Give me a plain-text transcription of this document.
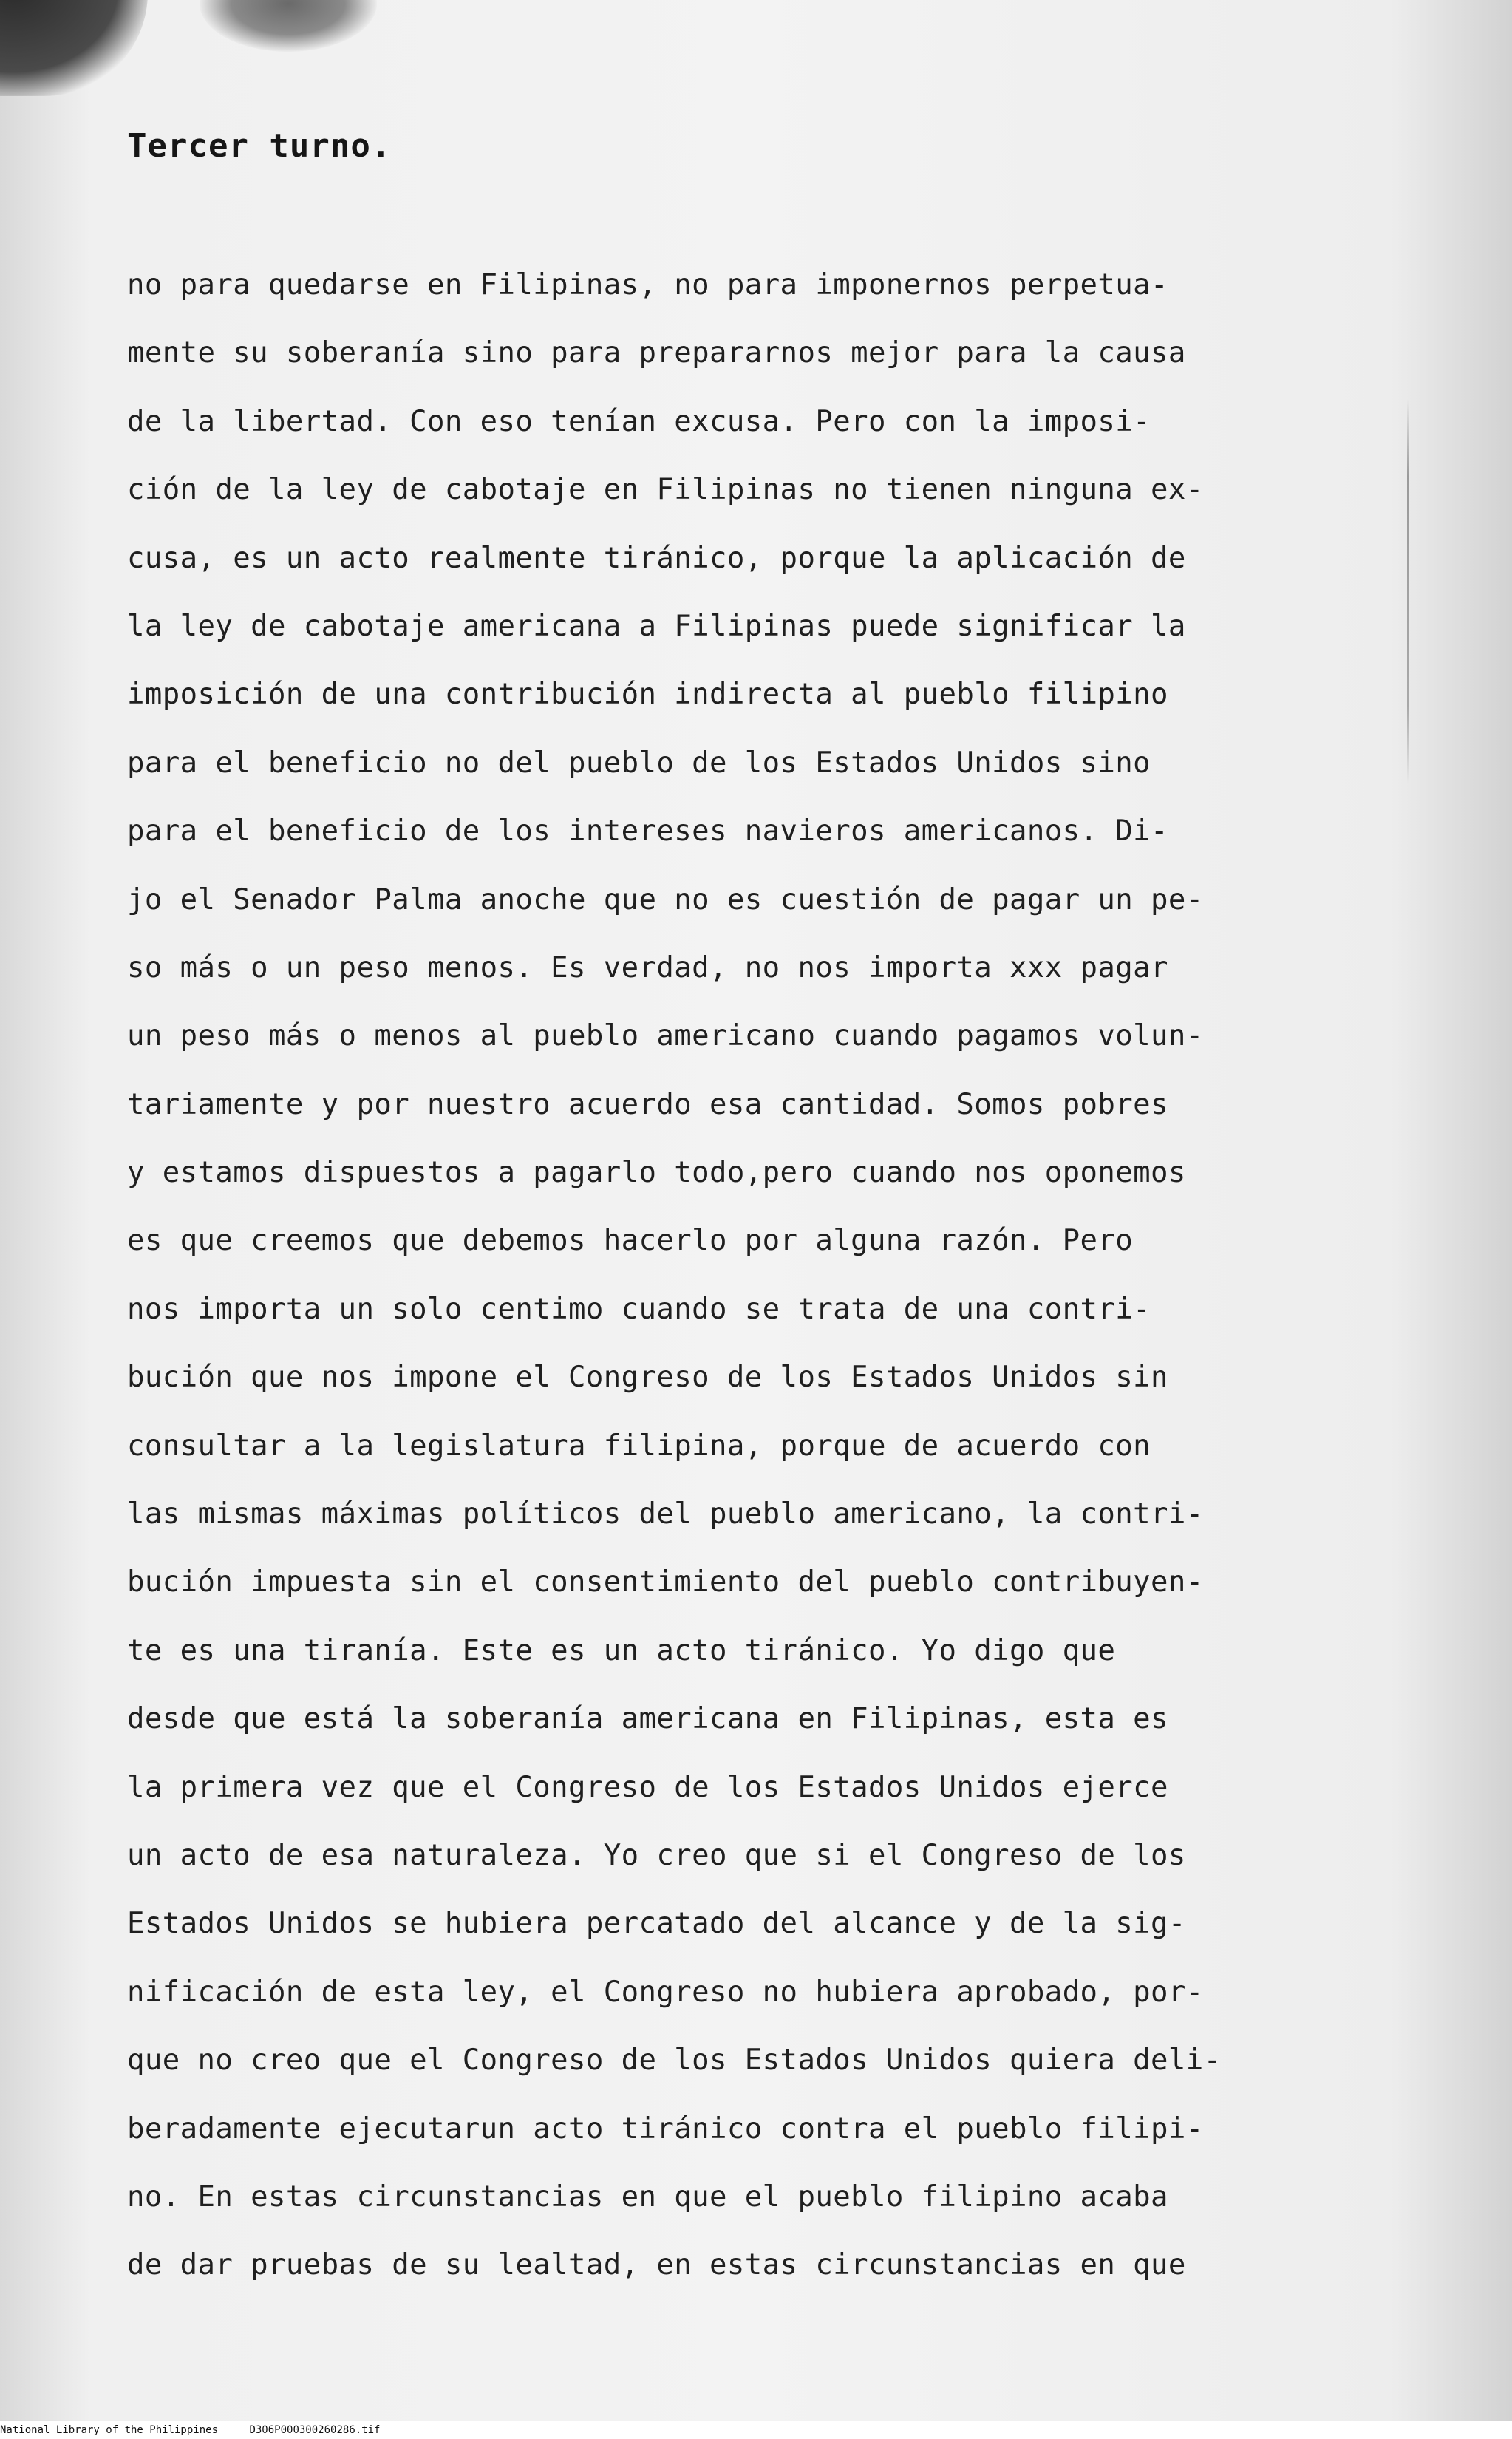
Tercer turno.
no para quedarse en Filipinas, no para imponernos perpetua-
mente su soberanía sino para prepararnos mejor para la causa
de la libertad. Con eso tenían excusa. Pero con la imposi-
ción de la ley de cabotaje en Filipinas no tienen ninguna ex-
cusa, es un acto realmente tiránico, porque la aplicación de
la ley de cabotaje americana a Filipinas puede significar la
imposición de una contribución indirecta al pueblo filipino
para el beneficio no del pueblo de los Estados Unidos sino
para el beneficio de los intereses navieros americanos. Di-
jo el Senador Palma anoche que no es cuestión de pagar un pe-
so más o un peso menos. Es verdad, no nos importa xxx pagar
un peso más o menos al pueblo americano cuando pagamos volun-
tariamente y por nuestro acuerdo esa cantidad. Somos pobres
y estamos dispuestos a pagarlo todo,pero cuando nos oponemos
es que creemos que debemos hacerlo por alguna razón. Pero
nos importa un solo centimo cuando se trata de una contri-
bución que nos impone el Congreso de los Estados Unidos sin
consultar a la legislatura filipina, porque de acuerdo con
las mismas máximas políticos del pueblo americano, la contri-
bución impuesta sin el consentimiento del pueblo contribuyen-
te es una tiranía. Este es un acto tiránico. Yo digo que
desde que está la soberanía americana en Filipinas, esta es
la primera vez que el Congreso de los Estados Unidos ejerce
un acto de esa naturaleza. Yo creo que si el Congreso de los
Estados Unidos se hubiera percatado del alcance y de la sig-
nificación de esta ley, el Congreso no hubiera aprobado, por-
que no creo que el Congreso de los Estados Unidos quiera deli-
beradamente ejecutarun acto tiránico contra el pueblo filipi-
no. En estas circunstancias en que el pueblo filipino acaba
de dar pruebas de su lealtad, en estas circunstancias en que
National Library of the Philippines	D306P000300260286.tif
